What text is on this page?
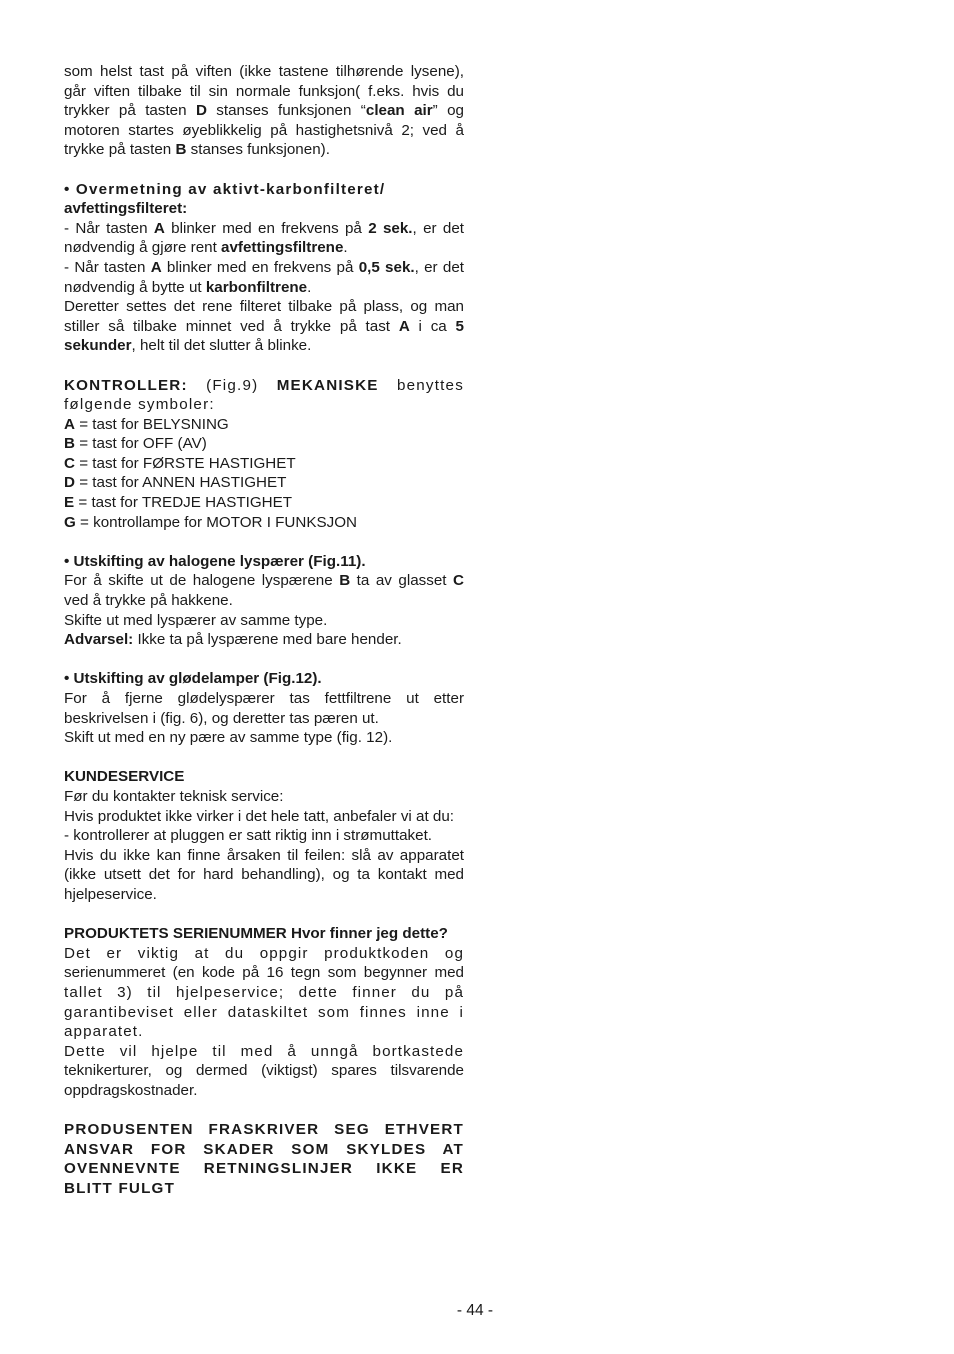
som helst tast på viften (ikke tastene tilhørende lysene), går viften tilbake til sin normale funksjon( f.eks. hvis du trykker på tasten D stanses funksjonen “clean air” og motoren startes øyeblikkelig på hastighetsnivå 2; ved å trykke på tasten B stanses funksjonen).

• Overmetning av aktivt-karbonfilteret/
avfettingsfilteret:

- Når tasten A blinker med en frekvens på 2 sek., er det nødvendig å gjøre rent avfettingsfiltrene.

- Når tasten A blinker med en frekvens på 0,5 sek., er det nødvendig å bytte ut karbonfiltrene.

Deretter settes det rene filteret tilbake på plass, og man stiller så tilbake minnet ved å trykke på tast A i ca 5 sekunder, helt til det slutter å blinke.

KONTROLLER: (Fig.9) MEKANISKE benyttes følgende symboler:

A = tast for BELYSNING

B = tast for OFF (AV)

C = tast for FØRSTE HASTIGHET

D = tast for ANNEN HASTIGHET

E = tast for TREDJE HASTIGHET

G = kontrollampe for MOTOR I FUNKSJON

• Utskifting av halogene lyspærer (Fig.11).

For å skifte ut de halogene lyspærene B ta av glasset C ved å trykke på hakkene.

Skifte ut med lyspærer av samme type.

Advarsel: Ikke ta på lyspærene med bare hender.

• Utskifting av glødelamper (Fig.12).

For å fjerne glødelyspærer tas fettfiltrene ut etter beskrivelsen i (fig. 6), og deretter tas pæren ut.

Skift ut med en ny pære av samme type (fig. 12).

KUNDESERVICE

Før du kontakter teknisk service:

Hvis produktet ikke virker i det hele tatt, anbefaler vi at du:

- kontrollerer at pluggen er satt riktig inn i strømuttaket.

Hvis du ikke kan finne årsaken til feilen: slå av apparatet (ikke utsett det for hard behandling), og ta kontakt med hjelpeservice.

PRODUKTETS SERIENUMMER Hvor finner jeg dette?

Det er viktig at du oppgir produktkoden og serienummeret (en kode på 16 tegn som begynner med tallet 3) til hjelpeservice; dette finner du på garantibeviset eller dataskiltet som finnes inne i apparatet.

Dette vil hjelpe til med å unngå bortkastede teknikerturer, og dermed (viktigst) spares tilsvarende oppdragskostnader.

PRODUSENTEN FRASKRIVER SEG ETHVERT ANSVAR FOR SKADER SOM SKYLDES AT OVENNEVNTE RETNINGSLINJER IKKE ER BLITT FULGT

- 44 -
